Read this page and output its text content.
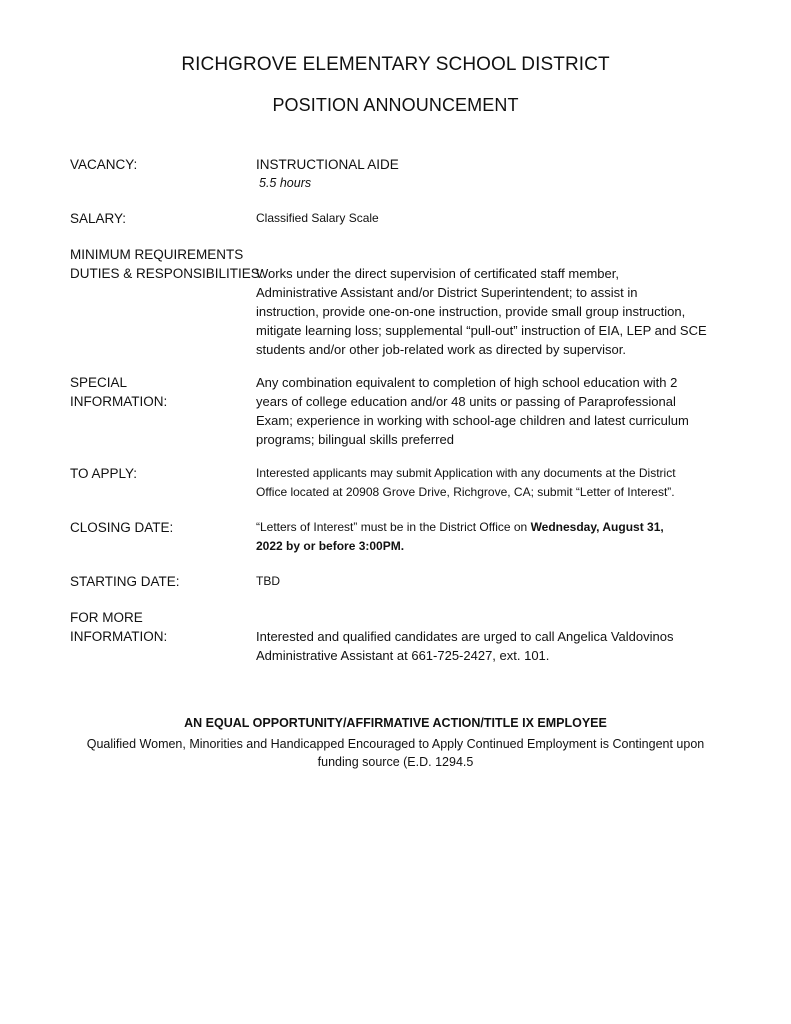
RICHGROVE ELEMENTARY SCHOOL DISTRICT
POSITION ANNOUNCEMENT
VACANCY:	INSTRUCTIONAL AIDE
5.5 hours
SALARY:	Classified Salary Scale
MINIMUM REQUIREMENTS
DUTIES & RESPONSIBILITIES:
Works under the direct supervision of certificated staff member,
Administrative Assistant and/or District Superintendent; to assist in
instruction, provide one-on-one instruction, provide small group instruction,
mitigate learning loss; supplemental “pull-out” instruction of EIA, LEP and SCE
students and/or other job-related work as directed by supervisor.
SPECIAL
INFORMATION:
Any combination equivalent to completion of high school education with 2
years of college education and/or 48 units or passing of Paraprofessional
Exam; experience in working with school-age children and latest curriculum
programs; bilingual skills preferred
TO APPLY:	Interested applicants may submit Application with any documents at the District
Office located at 20908 Grove Drive, Richgrove, CA; submit “Letter of Interest”.
CLOSING DATE:	“Letters of Interest” must be in the District Office on Wednesday, August 31,
2022 by or before 3:00PM.
STARTING DATE:	TBD
FOR MORE
INFORMATION:	Interested and qualified candidates are urged to call Angelica Valdovinos
Administrative Assistant at 661-725-2427, ext. 101.
AN EQUAL OPPORTUNITY/AFFIRMATIVE ACTION/TITLE IX EMPLOYEE
Qualified Women, Minorities and Handicapped Encouraged to Apply Continued Employment is Contingent upon
funding source (E.D. 1294.5
